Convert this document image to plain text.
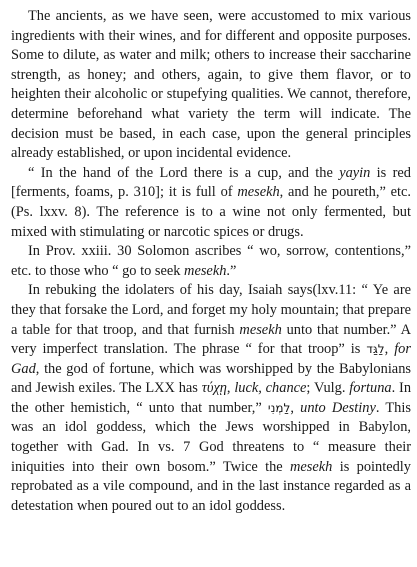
The ancients, as we have seen, were accustomed to mix various ingredients with their wines, and for different and opposite purposes. Some to dilute, as water and milk; others to increase their saccharine strength, as honey; and others, again, to give them flavor, or to heighten their alcoholic or stupefying qualities. We cannot, therefore, determine beforehand what variety the term will indicate. The decision must be based, in each case, upon the general principles already established, or upon incidental evidence.

“ In the hand of the Lord there is a cup, and the yayin is red [ferments, foams, p. 310]; it is full of mesekh, and he poureth,” etc. (Ps. lxxv. 8). The reference is to a wine not only fermented, but mixed with stimulating or narcotic spices or drugs.

In Prov. xxiii. 30 Solomon ascribes “ wo, sorrow, contentions,” etc. to those who “ go to seek mesekh.”

In rebuking the idolaters of his day, Isaiah says(lxv.11: “ Ye are they that forsake the Lord, and forget my holy mountain; that prepare a table for that troop, and that furnish mesekh unto that number.” A very imperfect translation. The phrase “ for that troop” is לַגַּד, for Gad, the god of fortune, which was worshipped by the Babylonians and Jewish exiles. The LXX has τύχῃ, luck, chance; Vulg. fortuna. In the other hemistich, “ unto that number,” לַמְנִי, unto Destiny. This was an idol goddess, which the Jews worshipped in Babylon, together with Gad. In vs. 7 God threatens to “ measure their iniquities into their own bosom.” Twice the mesekh is pointedly reprobated as a vile compound, and in the last instance regarded as a detestation when poured out to an idol goddess.
